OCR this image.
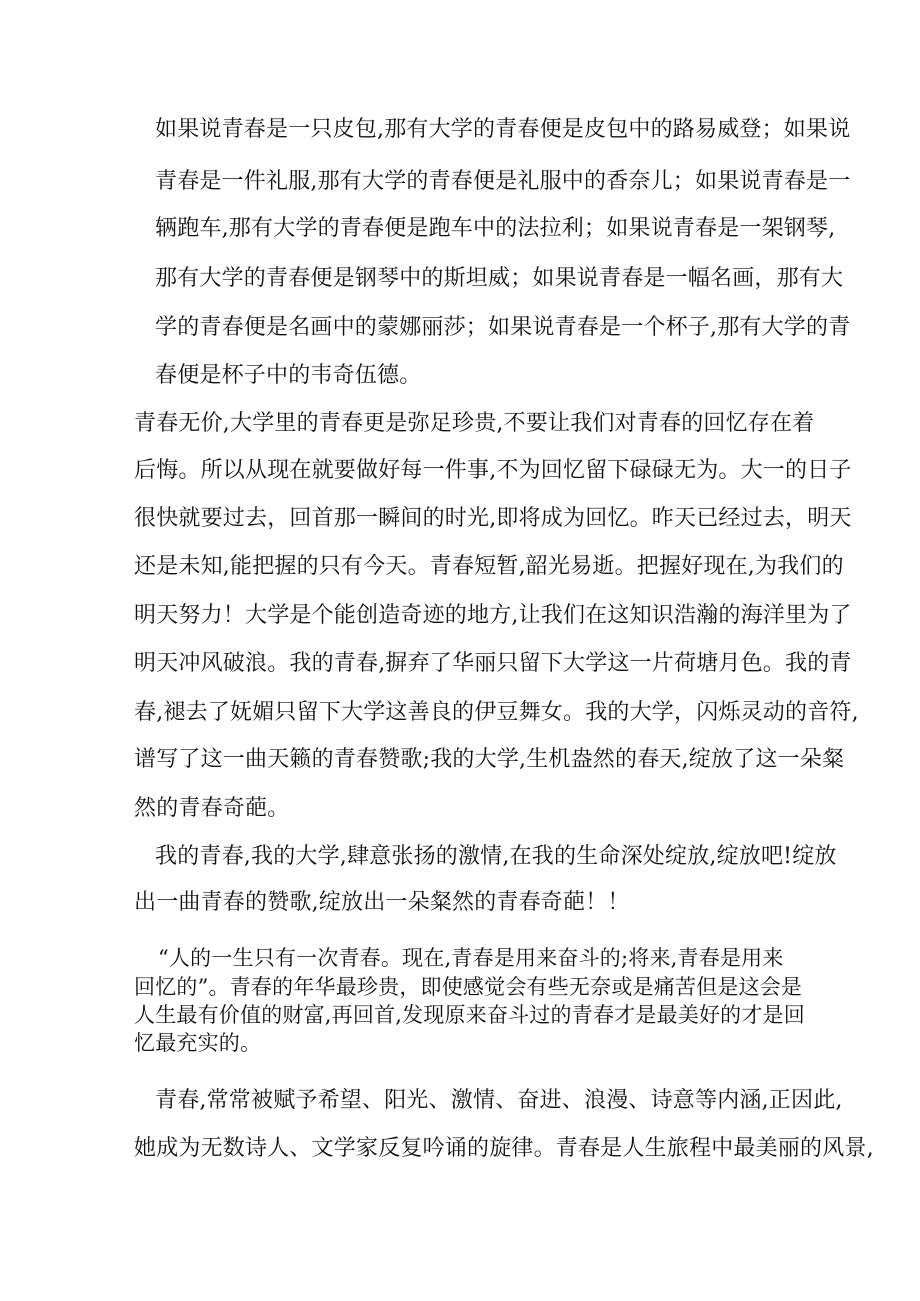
如果说青春是一只皮包,那有大学的青春便是皮包中的路易威登；如果说
青春是一件礼服,那有大学的青春便是礼服中的香奈儿；如果说青春是一
辆跑车,那有大学的青春便是跑车中的法拉利；如果说青春是一架钢琴,
那有大学的青春便是钢琴中的斯坦威；如果说青春是一幅名画，那有大
学的青春便是名画中的蒙娜丽莎；如果说青春是一个杯子,那有大学的青
春便是杯子中的韦奇伍德。
青春无价,大学里的青春更是弥足珍贵,不要让我们对青春的回忆存在着
后悔。所以从现在就要做好每一件事,不为回忆留下碌碌无为。大一的日子
很快就要过去，回首那一瞬间的时光,即将成为回忆。昨天已经过去，明天
还是未知,能把握的只有今天。青春短暂,韶光易逝。把握好现在,为我们的
明天努力！大学是个能创造奇迹的地方,让我们在这知识浩瀚的海洋里为了
明天冲风破浪。我的青春,摒弃了华丽只留下大学这一片荷塘月色。我的青
春,褪去了妩媚只留下大学这善良的伊豆舞女。我的大学，闪烁灵动的音符,
谱写了这一曲天籁的青春赞歌;我的大学,生机盎然的春天,绽放了这一朵粲
然的青春奇葩。
我的青春,我的大学,肆意张扬的激情,在我的生命深处绽放,绽放吧!绽放
出一曲青春的赞歌,绽放出一朵粲然的青春奇葩！！
“人的一生只有一次青春。现在,青春是用来奋斗的;将来,青春是用来
回忆的”。青春的年华最珍贵，即使感觉会有些无奈或是痛苦但是这会是
人生最有价值的财富,再回首,发现原来奋斗过的青春才是最美好的才是回
忆最充实的。
青春,常常被赋予希望、阳光、激情、奋进、浪漫、诗意等内涵,正因此,
她成为无数诗人、文学家反复吟诵的旋律。青春是人生旅程中最美丽的风景,
